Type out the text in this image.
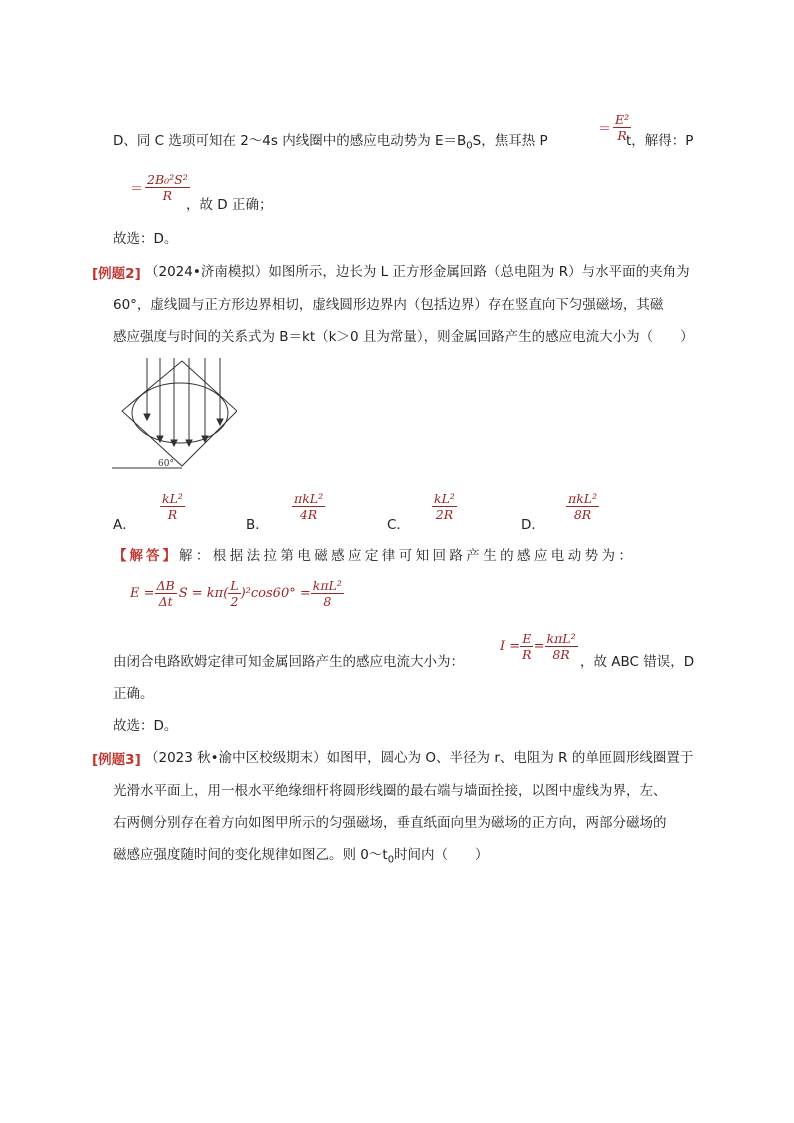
D、同 C 选项可知在 2～4s 内线圈中的感应电动势为 $E=B_0S$，焦耳热 P
＝ $\frac{\text{E²}}{R}$
t，解得：P
＝ $\frac{\text{2B₀²S²}}{R}$
，故 D 正确；
故选：D。
[例题2] （2024•济南模拟）如图所示，边长为 L 正方形金属回路（总电阻为 R）与水平面的夹角为
60°，虚线圆与正方形边界相切，虚线圆形边界内（包括边界）存在竖直向下匀强磁场，其磁
感应强度与时间的关系式为 B＝kt（k＞0 且为常量），则金属回路产生的感应电流大小为（　　）
60°
A．
$\frac{\text{kL²}}{R}$
B．
$\frac{\text{πkL²}}{4R}$
C．
$\frac{\text{kL²}}{2R}$
D．
$\frac{\text{πkL²}}{8R}$
【解答】解：根据法拉第电磁感应定律可知回路产生的感应电动势为：
$E = \frac{\Delta B}{\Delta t}$ $S = k\pi( \frac{L}{2} )^2\cos 60^\circ = \frac{\text{kπL²}}{8}$
由闭合电路欧姆定律可知金属回路产生的感应电流大小为：
$I = \frac{E}{R} = \frac{\text{kπL²}}{8R}$ ，故 ABC 错误，D
正确。
故选：D。
[例题3] （2023 秋•渝中区校级期末）如图甲，圆心为 O、半径为 r、电阻为 R 的单匝圆形线圈置于
光滑水平面上，用一根水平绝缘细杆将圆形线圈的最右端与墙面拴接，以图中虚线为界，左、
右两侧分别存在着方向如图甲所示的匀强磁场，垂直纸面向里为磁场的正方向，两部分磁场的
磁感应强度随时间的变化规律如图乙。则 $0\sim t_0$时间内（　　）
